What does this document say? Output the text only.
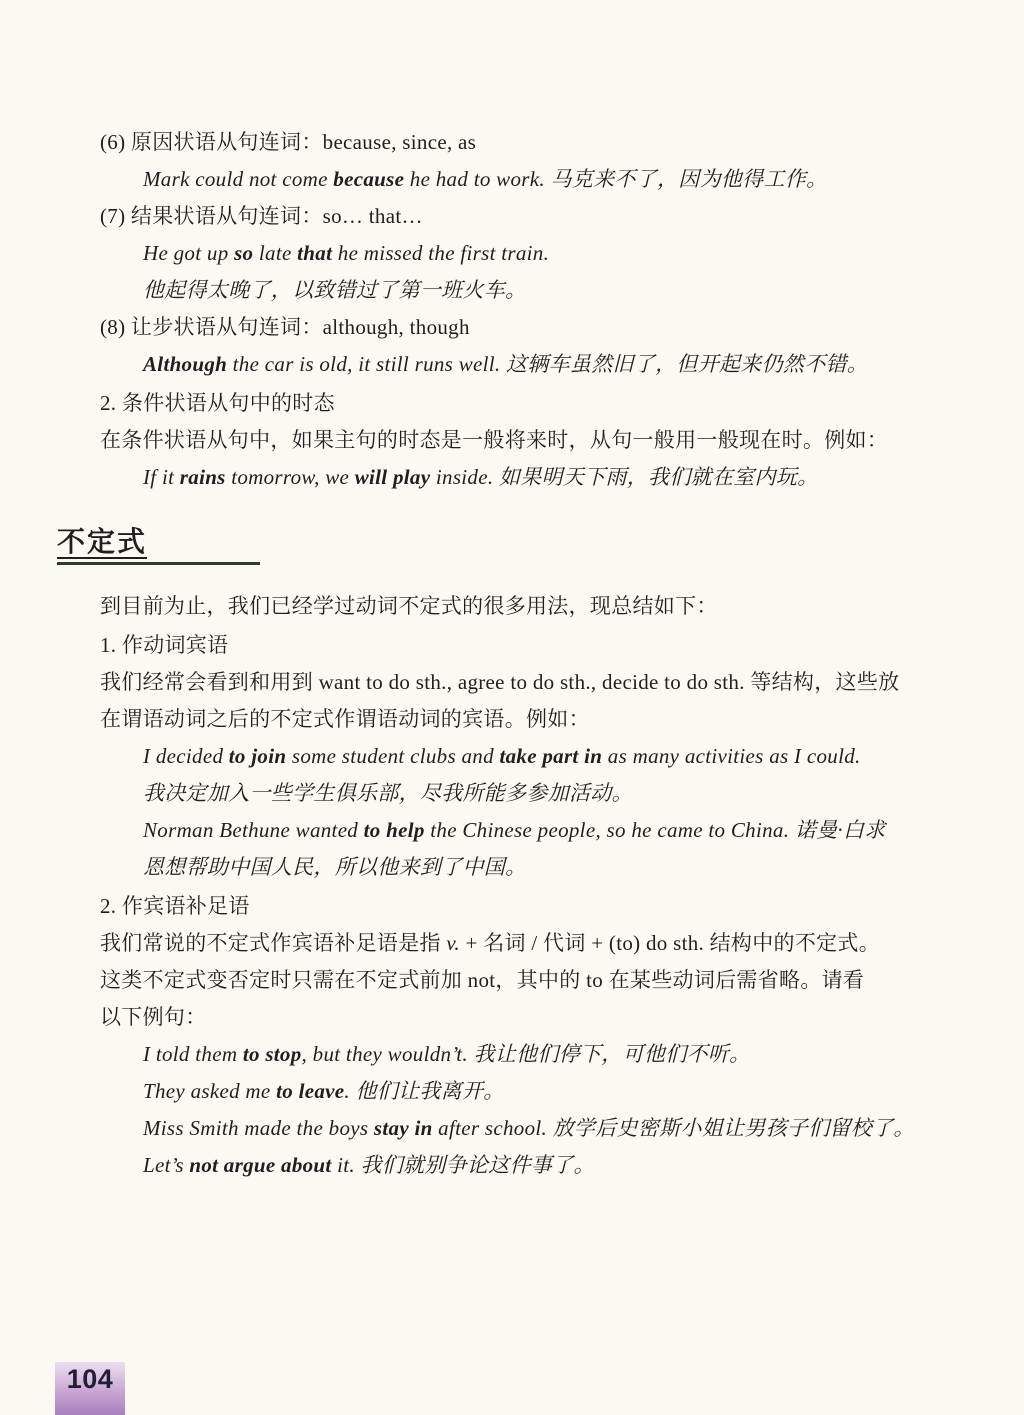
(6) 原因状语从句连词：because, since, as
Mark could not come because he had to work. 马克来不了，因为他得工作。
(7) 结果状语从句连词：so… that…
He got up so late that he missed the first train.
他起得太晚了，以致错过了第一班火车。
(8) 让步状语从句连词：although, though
Although the car is old, it still runs well. 这辆车虽然旧了，但开起来仍然不错。
2. 条件状语从句中的时态
在条件状语从句中，如果主句的时态是一般将来时，从句一般用一般现在时。例如：
If it rains tomorrow, we will play inside. 如果明天下雨，我们就在室内玩。
不定式
到目前为止，我们已经学过动词不定式的很多用法，现总结如下：
1. 作动词宾语
我们经常会看到和用到 want to do sth., agree to do sth., decide to do sth. 等结构，这些放
在谓语动词之后的不定式作谓语动词的宾语。例如：
I decided to join some student clubs and take part in as many activities as I could.
我决定加入一些学生俱乐部，尽我所能多参加活动。
Norman Bethune wanted to help the Chinese people, so he came to China. 诺曼·白求
恩想帮助中国人民，所以他来到了中国。
2. 作宾语补足语
我们常说的不定式作宾语补足语是指 v. + 名词 / 代词 + (to) do sth. 结构中的不定式。
这类不定式变否定时只需在不定式前加 not，其中的 to 在某些动词后需省略。请看
以下例句：
I told them to stop, but they wouldn’t. 我让他们停下，可他们不听。
They asked me to leave. 他们让我离开。
Miss Smith made the boys stay in after school. 放学后史密斯小姐让男孩子们留校了。
Let’s not argue about it. 我们就别争论这件事了。
104
